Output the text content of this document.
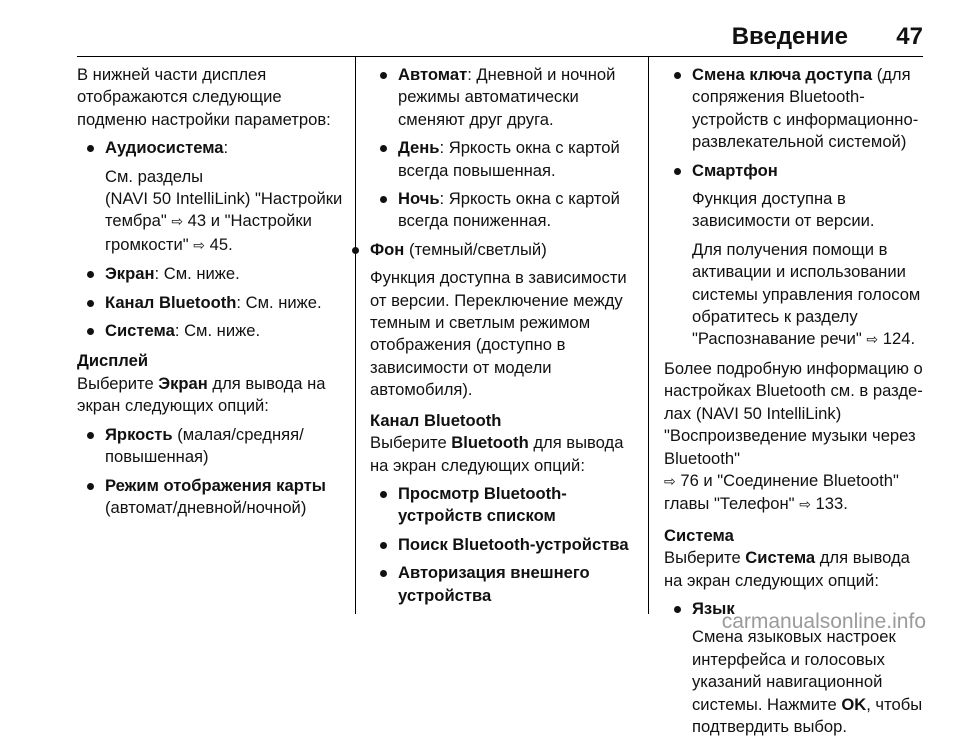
Введение 47

В нижней части дисплея отображаются следующие подменю настройки параметров:

Аудиосистема:
См. разделы
(NAVI 50 IntelliLink) "Настройки тембра" ⇨ 43 и "Настройки громкости" ⇨ 45.
Экран: См. ниже.
Канал Bluetooth: См. ниже.
Система: См. ниже.
Дисплей

Выберите Экран для вывода на экран следующих опций:

Яркость (малая/средняя/повышенная)
Режим отображения карты
(автомат/дневной/ночной)
Автомат: Дневной и ночной режимы автоматически сменяют друг друга.
День: Яркость окна с картой всегда повышенная.
Ночь: Яркость окна с картой всегда пониженная.
Фон (темный/светлый)
Функция доступна в зависимости от версии. Переключение между темным и светлым режимом отображения (доступно в зависимости от модели автомобиля).
Канал Bluetooth

Выберите Bluetooth для вывода на экран следующих опций:

Просмотр Bluetooth-устройств списком
Поиск Bluetooth-устройства
Авторизация внешнего устройства
Смена ключа доступа (для сопряжения Bluetooth-устройств с информационно-развлекательной системой)
Смартфон
Функция доступна в зависимости от версии.
Для получения помощи в активации и использовании системы управления голосом обратитесь к разделу "Распознавание речи" ⇨ 124.

Более подробную информацию о настройках Bluetooth см. в разделах (NAVI 50 IntelliLink) "Воспроизведение музыки через Bluetooth"
⇨ 76 и "Соединение Bluetooth" главы "Телефон" ⇨ 133.

Система

Выберите Система для вывода на экран следующих опций:

Язык
Смена языковых настроек интерфейса и голосовых указаний навигационной системы. Нажмите OK, чтобы подтвердить выбор.
carmanualsonline.info
